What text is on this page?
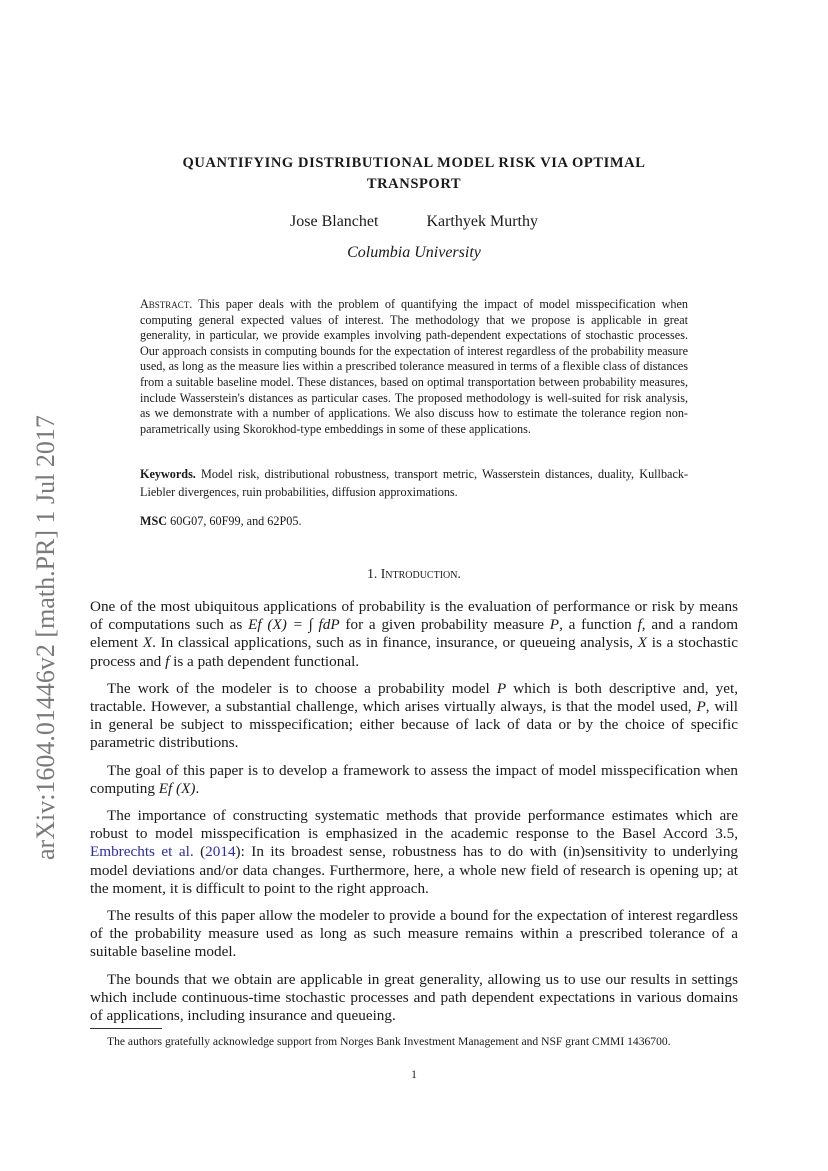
arXiv:1604.01446v2 [math.PR] 1 Jul 2017
QUANTIFYING DISTRIBUTIONAL MODEL RISK VIA OPTIMAL
TRANSPORT
Jose Blanchet	Karthyek Murthy
Columbia University
Abstract. This paper deals with the problem of quantifying the impact of model misspecification when computing general expected values of interest. The methodology that we propose is applicable in great generality, in particular, we provide examples involving path-dependent expectations of stochastic processes. Our approach consists in computing bounds for the expectation of interest regardless of the probability measure used, as long as the measure lies within a prescribed tolerance measured in terms of a flexible class of distances from a suitable baseline model. These distances, based on optimal transportation between probability measures, include Wasserstein's distances as particular cases. The proposed methodology is well-suited for risk analysis, as we demonstrate with a number of applications. We also discuss how to estimate the tolerance region non-parametrically using Skorokhod-type embeddings in some of these applications.
Keywords. Model risk, distributional robustness, transport metric, Wasserstein distances, duality, Kullback-Liebler divergences, ruin probabilities, diffusion approximations.
MSC 60G07, 60F99, and 62P05.
1. Introduction.

One of the most ubiquitous applications of probability is the evaluation of performance or risk by means of computations such as Ef (X) = ∫ fdP for a given probability measure P, a function f, and a random element X. In classical applications, such as in finance, insurance, or queueing analysis, X is a stochastic process and f is a path dependent functional.

The work of the modeler is to choose a probability model P which is both descriptive and, yet, tractable. However, a substantial challenge, which arises virtually always, is that the model used, P, will in general be subject to misspecification; either because of lack of data or by the choice of specific parametric distributions.

The goal of this paper is to develop a framework to assess the impact of model misspecification when computing Ef (X).

The importance of constructing systematic methods that provide performance estimates which are robust to model misspecification is emphasized in the academic response to the Basel Accord 3.5, Embrechts et al. (2014): In its broadest sense, robustness has to do with (in)sensitivity to underlying model deviations and/or data changes. Furthermore, here, a whole new field of research is opening up; at the moment, it is difficult to point to the right approach.

The results of this paper allow the modeler to provide a bound for the expectation of interest regardless of the probability measure used as long as such measure remains within a prescribed tolerance of a suitable baseline model.

The bounds that we obtain are applicable in great generality, allowing us to use our results in settings which include continuous-time stochastic processes and path dependent expectations in various domains of applications, including insurance and queueing.

The authors gratefully acknowledge support from Norges Bank Investment Management and NSF grant CMMI 1436700.
1
